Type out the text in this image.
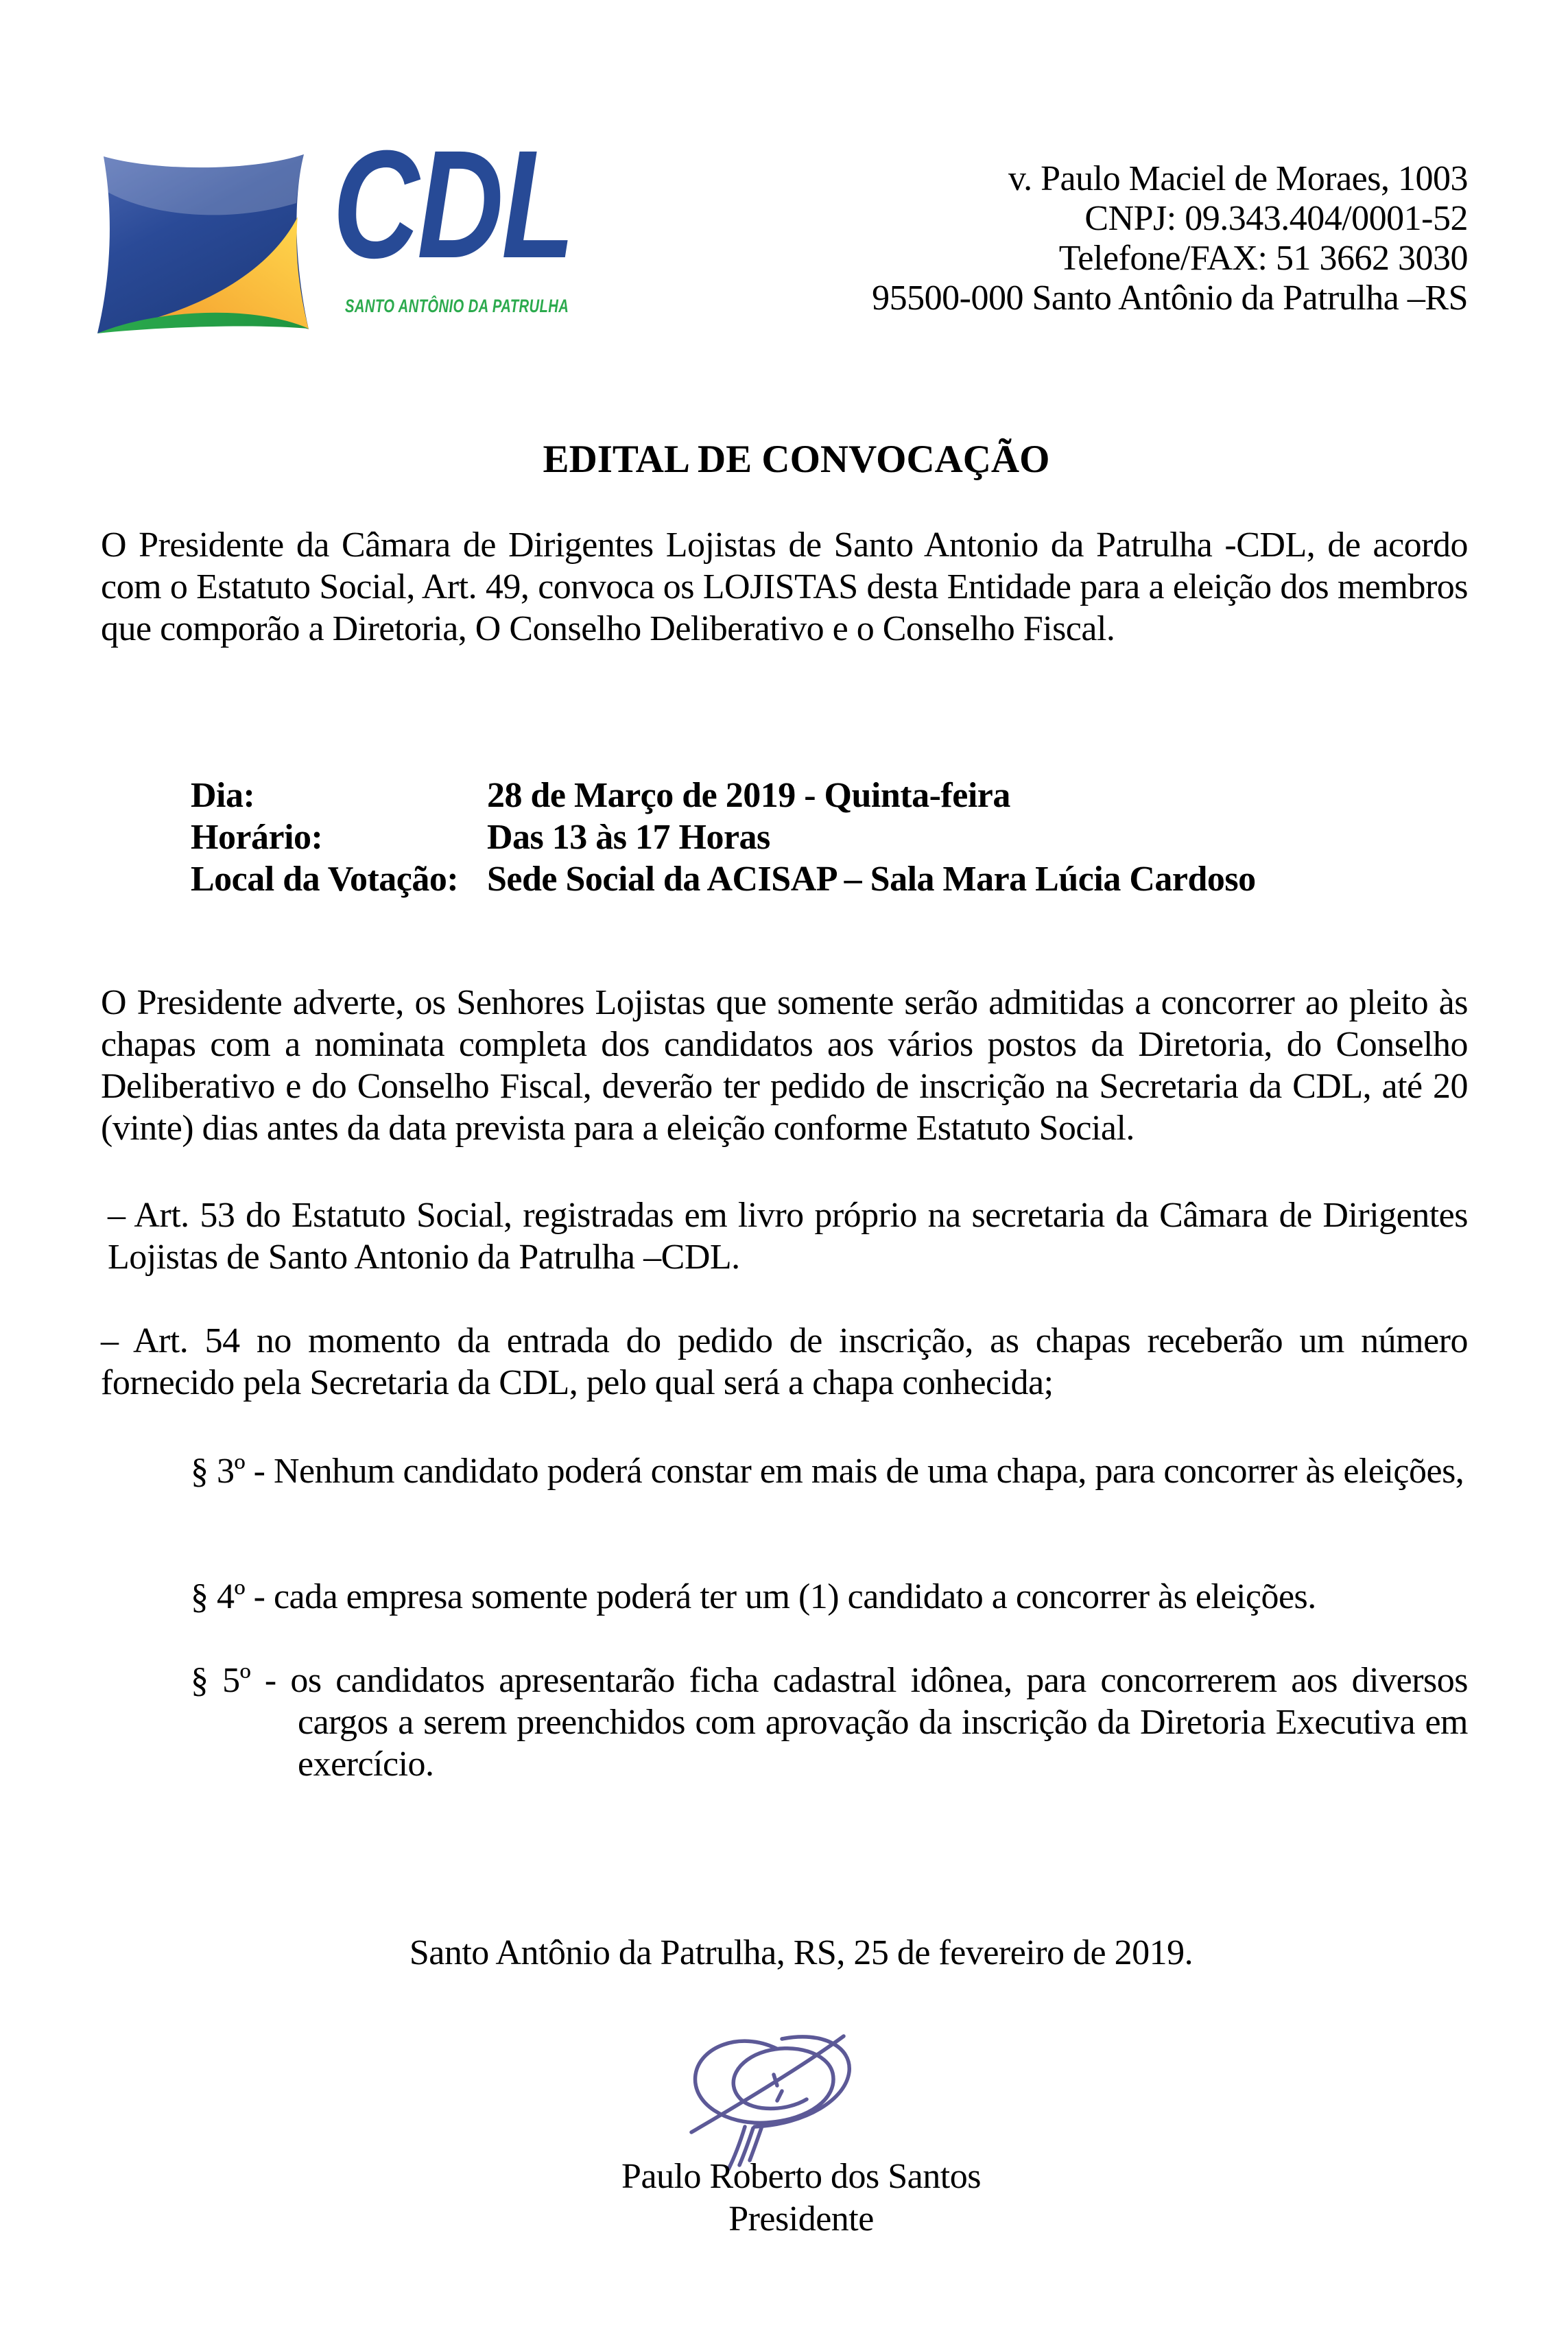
CDL
SANTO ANTÔNIO DA PATRULHA
v. Paulo Maciel de Moraes, 1003
CNPJ: 09.343.404/0001-52
Telefone/FAX: 51 3662 3030
95500-000 Santo Antônio da Patrulha –RS
EDITAL DE CONVOCAÇÃO
O Presidente da Câmara de Dirigentes Lojistas de Santo Antonio da Patrulha -CDL, de acordo com o Estatuto Social, Art. 49, convoca os LOJISTAS desta Entidade para a eleição dos membros que comporão a Diretoria, O Conselho Deliberativo e o Conselho Fiscal.
Dia:	28 de Março de 2019 - Quinta-feira
Horário:	Das 13 às 17 Horas
Local da Votação: Sede Social da ACISAP – Sala Mara Lúcia Cardoso
O Presidente adverte, os Senhores Lojistas que somente serão admitidas a concorrer ao pleito às chapas com a nominata completa dos candidatos aos vários postos da Diretoria, do Conselho Deliberativo e do Conselho Fiscal, deverão ter pedido de inscrição na Secretaria da CDL, até 20 (vinte) dias antes da data prevista para a eleição conforme Estatuto Social.
– Art. 53 do Estatuto Social, registradas em livro próprio na secretaria da Câmara de Dirigentes Lojistas de Santo Antonio da Patrulha –CDL.
– Art. 54 no momento da entrada do pedido de inscrição, as chapas receberão um número fornecido pela Secretaria da CDL, pelo qual será a chapa conhecida;
§ 3º - Nenhum candidato poderá constar em mais de uma chapa, para concorrer às eleições,
§ 4º - cada empresa somente poderá ter um (1) candidato a concorrer às eleições.
§ 5º - os candidatos apresentarão ficha cadastral idônea, para concorrerem aos diversos cargos a serem preenchidos com aprovação da inscrição da Diretoria Executiva em exercício.
Santo Antônio da Patrulha, RS, 25 de fevereiro de 2019.
Paulo Roberto dos Santos
Presidente
